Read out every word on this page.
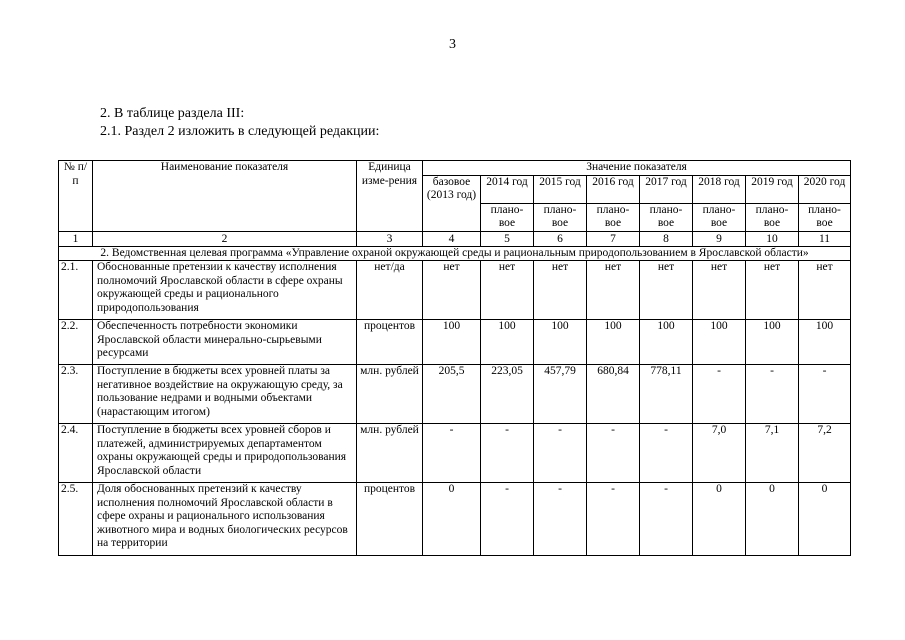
3
2. В таблице раздела III:
2.1. Раздел 2 изложить в следующей редакции:
№ п/п	Наименование показателя	Единица изме-рения	Значение показателя							
			базовое (2013 год)	2014 год	2015 год	2016 год	2017 год	2018 год	2019 год	2020 год
				плано-вое	плано-вое	плано-вое	плано-вое	плано-вое	плано-вое	плано-вое

1	2	3	4	5	6	7	8	9	10	11
2. Ведомственная целевая программа «Управление охраной окружающей среды и рациональным природопользованием в Ярославской области»										
2.1.	Обоснованные претензии к качеству исполнения полномочий Ярославской области в сфере охраны окружающей среды и рационального природопользования	нет/да	нет	нет	нет	нет	нет	нет	нет	нет
2.2.	Обеспеченность потребности экономики Ярославской области минерально-сырьевыми ресурсами	процентов	100	100	100	100	100	100	100	100
2.3.	Поступление в бюджеты всех уровней платы за негативное воздействие на окружающую среду, за пользование недрами и водными объектами (нарастающим итогом)	млн. рублей	205,5	223,05	457,79	680,84	778,11	-	-	-
2.4.	Поступление в бюджеты всех уровней сборов и платежей, администрируемых департаментом охраны окружающей среды и природопользования Ярославской области	млн. рублей	-	-	-	-	-	7,0	7,1	7,2
2.5.	Доля обоснованных претензий к качеству исполнения полномочий Ярославской области в сфере охраны и рационального использования животного мира и водных биологических ресурсов на территории	процентов	0	-	-	-	-	0	0	0
